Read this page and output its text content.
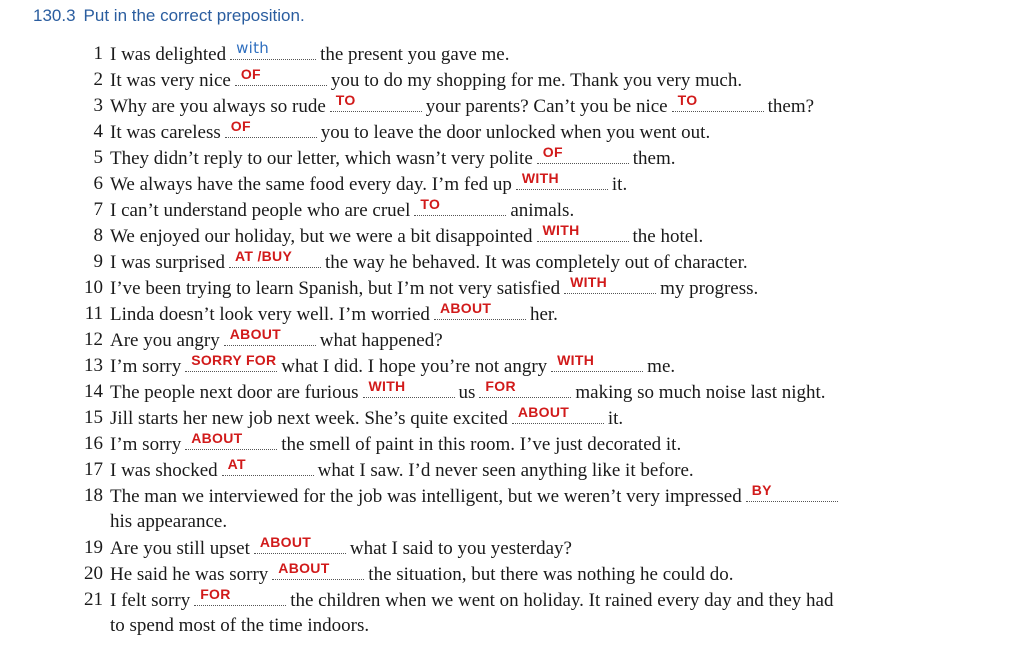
130.3 Put in the correct preposition.
1 I was delighted with	the present you gave me.
2 It was very nice OF	you to do my shopping for me. Thank you very much.
3 Why are you always so rude TO	your parents? Can’t you be nice TO	them?
4 It was careless OF	you to leave the door unlocked when you went out.
5 They didn’t reply to our letter, which wasn’t very polite OF	them.
6 We always have the same food every day. I’m fed up WITH	it.
7 I can’t understand people who are cruel TO	animals.
8 We enjoyed our holiday, but we were a bit disappointed WITH	the hotel.
9 I was surprised AT /BUY the way he behaved. It was completely out of character.
10 I’ve been trying to learn Spanish, but I’m not very satisfied WITH	my progress.
11 Linda doesn’t look very well. I’m worried ABOUT her.
12 Are you angry ABOUT what happened?
13 I’m sorry SORRY FOR what I did. I hope you’re not angry WITH	me.
14 The people next door are furious WITH	us FOR	making so much noise last night.
15 Jill starts her new job next week. She’s quite excited ABOUT it.
16 I’m sorry ABOUT the smell of paint in this room. I’ve just decorated it.
17 I was shocked AT	what I saw. I’d never seen anything like it before.
18 The man we interviewed for the job was intelligent, but we weren’t very impressed BY
his appearance.
19 Are you still upset ABOUT what I said to you yesterday?
20 He said he was sorry ABOUT the situation, but there was nothing he could do.
21 I felt sorry FOR	the children when we went on holiday. It rained every day and they had
to spend most of the time indoors.
